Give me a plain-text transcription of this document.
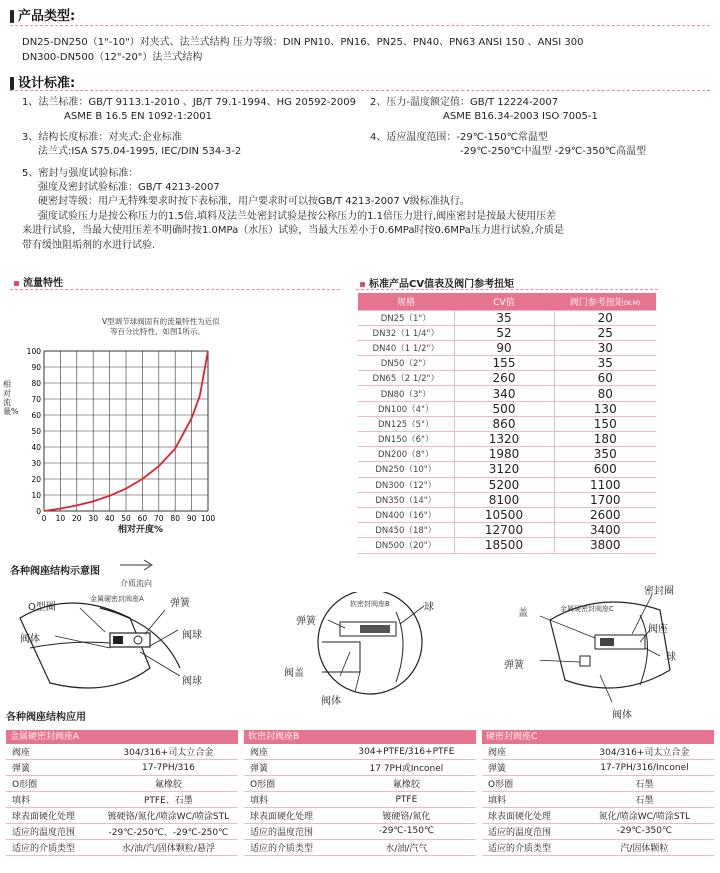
产品类型:
DN25-DN250（1"-10"）对夹式、法兰式结构 压力等级：DIN PN10、PN16、PN25、PN40、PN63 ANSI 150 、ANSI 300
DN300-DN500（12"-20"）法兰式结构
设计标准:
1、法兰标准：GB/T 9113.1-2010 、JB/T 79.1-1994、HG 20592-2009
ASME B 16.5 EN 1092-1:2001
2、压力-温度额定值：GB/T 12224-2007
ASME B16.34-2003 ISO 7005-1
3、结构长度标准：对夹式:企业标准
法兰式:ISA S75.04-1995, IEC/DIN 534-3-2
4、适应温度范围：-29℃-150℃常温型
-29℃-250℃中温型 -29℃-350℃高温型
5、密封与强度试验标准：
强度及密封试验标准：GB/T 4213-2007
硬密封等级：用户无特殊要求时按下表标准，用户要求时可以按GB/T 4213-2007 Ⅴ级标准执行。
强度试验压力是按公称压力的1.5倍.填料及法兰处密封试验是按公称压力的1.1倍压力进行,阀座密封是按最大使用压差
来进行试验，当最大使用压差不明确时按1.0MPa（水压）试验，当最大压差小于0.6MPa时按0.6MPa压力进行试验,介质是
带有缓蚀阻垢剂的水进行试验.
流量特性
V型调节球阀固有的流量特性为近似
等百分比特性，如图1所示。
0 10 20 30 40 50 60 70 80 90 100
0
10
20
30
40
50
60
70
80
90
100
相对流量%
相对开度%
标准产品CV值表及阀门参考扭矩
规格	CV值	阀门参考扭矩(N.M)
DN25（1"）	35	20
DN32（1 1/4"）	52	25
DN40（1 1/2"）	90	30
DN50（2"）	155	35
DN65（2 1/2"）	260	60
DN80（3"）	340	80
DN100（4"）	500	130
DN125（5"）	860	150
DN150（6"）	1320	180
DN200（8"）	1980	350
DN250（10"）	3120	600
DN300（12"）	5200	1100
DN350（14"）	8100	1700
DN400（16"）	10500	2600
DN450（18"）	12700	3400
DN500（20"）	18500	3800
各种阀座结构示意图
介质流向
金属硬密封阀座A
O型圈	弹簧
阀体	阀球
阀球
软密封阀座B
弹簧
球
阀盖
阀体
金属硬密封阀座C
盖
密封圈
阀座
球
弹簧
阀体
各种阀座结构应用
金属硬密封阀座A
阀座	304/316+司太立合金
弹簧	17-7PH/316
O形圈	氟橡胶
填料	PTFE、石墨
球表面硬化处理	镀硬铬/氮化/喷涂WC/喷涂STL
适应的温度范围	-29℃-250℃、-29℃-250℃
适应的介质类型	水/油/汽/固体颗粒/悬浮
软密封阀座B
阀座	304+PTFE/316+PTFE
弹簧	17 7PH或Inconel
O形圈	氟橡胶
填料	PTFE
球表面硬化处理	镀硬铬/氮化
适应的温度范围	-29℃-150℃
适应的介质类型	水/油/汽气
硬密封阀座C
阀座	304/316+司太立合金
弹簧	17-7PH/316/Inconel
O形圈	石墨
填料	石墨
球表面硬化处理	氮化/喷涂WC/喷涂STL
适应的温度范围	-29℃-350℃
适应的介质类型	汽/固体颗粒
